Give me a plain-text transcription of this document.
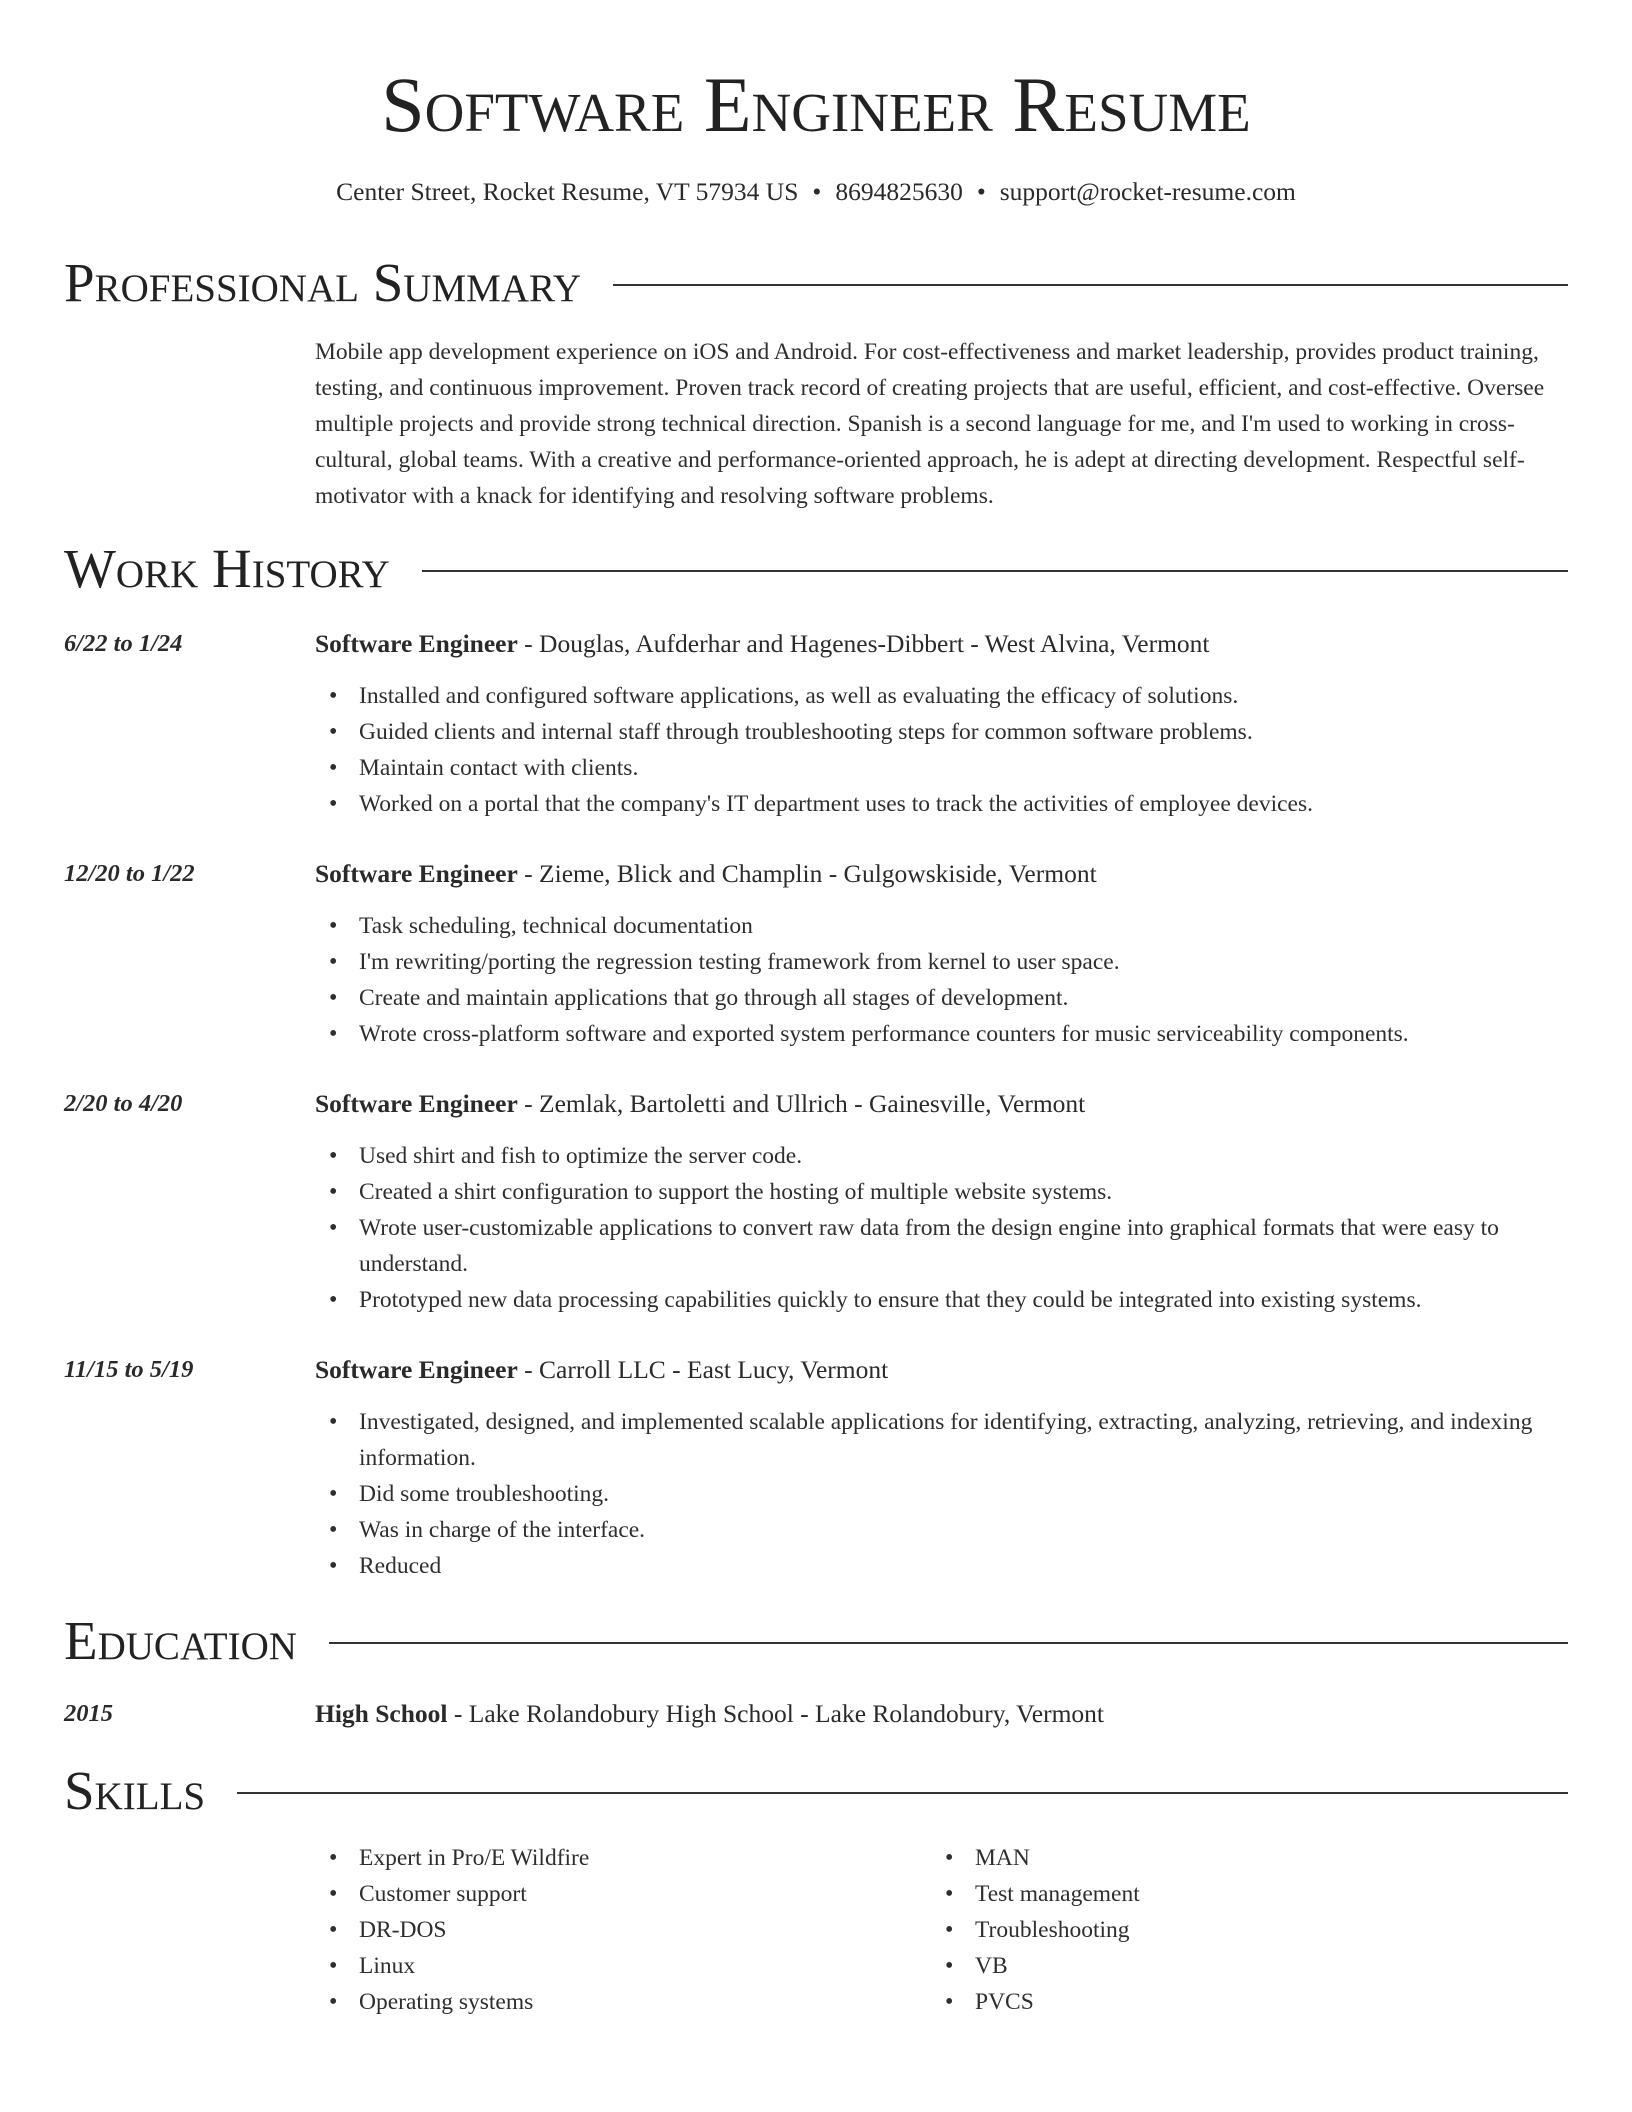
Software Engineer Resume
Center Street, Rocket Resume, VT 57934 US • 8694825630 • support@rocket-resume.com
Professional Summary
Mobile app development experience on iOS and Android. For cost-effectiveness and market leadership, provides product training, testing, and continuous improvement. Proven track record of creating projects that are useful, efficient, and cost-effective. Oversee multiple projects and provide strong technical direction. Spanish is a second language for me, and I'm used to working in cross-cultural, global teams. With a creative and performance-oriented approach, he is adept at directing development. Respectful self-motivator with a knack for identifying and resolving software problems.
Work History
6/22 to 1/24	Software Engineer - Douglas, Aufderhar and Hagenes-Dibbert - West Alvina, Vermont
• Installed and configured software applications, as well as evaluating the efficacy of solutions.
• Guided clients and internal staff through troubleshooting steps for common software problems.
• Maintain contact with clients.
• Worked on a portal that the company's IT department uses to track the activities of employee devices.
12/20 to 1/22	Software Engineer - Zieme, Blick and Champlin - Gulgowskiside, Vermont
• Task scheduling, technical documentation
• I'm rewriting/porting the regression testing framework from kernel to user space.
• Create and maintain applications that go through all stages of development.
• Wrote cross-platform software and exported system performance counters for music serviceability components.
2/20 to 4/20	Software Engineer - Zemlak, Bartoletti and Ullrich - Gainesville, Vermont
• Used shirt and fish to optimize the server code.
• Created a shirt configuration to support the hosting of multiple website systems.
• Wrote user-customizable applications to convert raw data from the design engine into graphical formats that were easy to understand.
• Prototyped new data processing capabilities quickly to ensure that they could be integrated into existing systems.
11/15 to 5/19	Software Engineer - Carroll LLC - East Lucy, Vermont
• Investigated, designed, and implemented scalable applications for identifying, extracting, analyzing, retrieving, and indexing information.
• Did some troubleshooting.
• Was in charge of the interface.
• Reduced
Education
2015	High School - Lake Rolandobury High School - Lake Rolandobury, Vermont
Skills
• Expert in Pro/E Wildfire
• Customer support
• DR-DOS
• Linux
• Operating systems
• MAN
• Test management
• Troubleshooting
• VB
• PVCS
